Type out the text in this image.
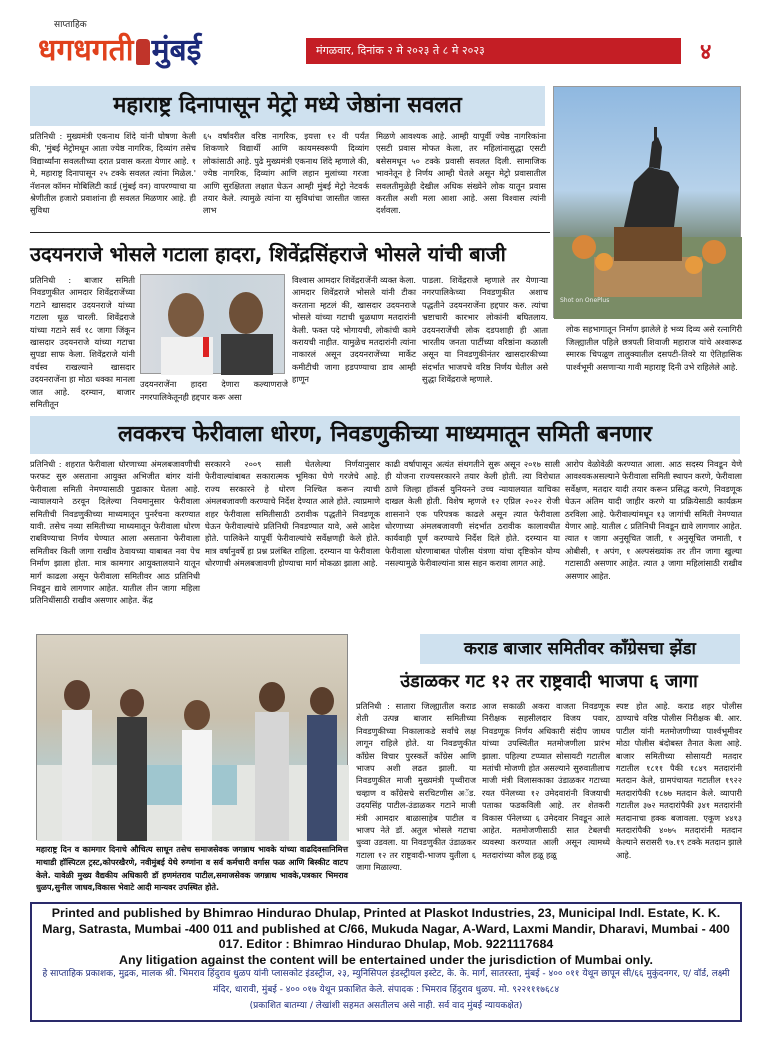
साप्ताहिक
धगधगती मुंबई	मंगळवार, दिनांक २ मे २०२३ ते ८ मे २०२३	४
महाराष्ट्र दिनापासून मेट्रो मध्ये जेष्ठांना सवलत
प्रतिनिधी : मुख्यमंत्री एकनाथ शिंदे यांनी घोषणा केली की, 'मुंबई मेट्रोमधून आता ज्येष्ठ नागरिक, दिव्यांग तसेच विद्यार्थ्यांना सवलतीच्या दरात प्रवास करता येणार आहे. १ मे, महाराष्ट्र दिनापासून २५ टक्के सवलत त्यांना मिळेल.' नॅशनल कॉमन मोबिलिटी कार्ड (मुंबई वन) वापरण्याचा या श्रेणीतील हजारो प्रवाशांना ही सवलत मिळणार आहे. ही सुविधा
६५ वर्षांवरील वरिष्ठ नागरिक, इयत्ता १२ वी पर्यंत शिकणारे विद्यार्थी आणि कायमस्वरूपी दिव्यांग लोकांसाठी आहे. पुढे मुख्यमंत्री एकनाथ शिंदे म्हणाले की, ज्येष्ठ नागरिक, दिव्यांग आणि लहान मुलांच्या गरजा आणि सुरक्षितता लक्षात घेऊन आम्ही मुंबई मेट्रो नेटवर्क तयार केले. त्यामुळे त्यांना या सुविधांचा जास्तीत जास्त लाभ
मिळणे आवश्यक आहे. आम्ही यापूर्वी ज्येष्ठ नागरिकांना एसटी प्रवास मोफत केला, तर महिलांनासुद्धा एसटी बसेसमधून ५० टक्के प्रवासी सवलत दिली. सामाजिक भावनेतून हे निर्णय आम्ही घेतले असून मेट्रो प्रवासातील सवलतीमुळेही देखील अधिक संख्येने लोक यातून प्रवास करतील अशी मला आशा आहे. असा विश्वास त्यांनी दर्शवला.
Shot on OnePlus
लोक सहभागातून निर्माण झालेले हे भव्य दिव्य असे रत्नागिरी जिल्ह्यातील पहिले छत्रपती शिवाजी महाराज यांचे अश्वारूढ स्मारक चिपळूण तालुक्यातील दसपटी-तिवरे या ऐतिहासिक पार्श्वभूमी असणाऱ्या गावी महाराष्ट्र दिनी उभे राहिलेले आहे.
उदयनराजे भोसले गटाला हादरा, शिवेंद्रसिंहराजे भोसले यांची बाजी
प्रतिनिधी : बाजार समिती निवडणुकीत आमदार शिवेंद्रराजेंच्या गटाने खासदार उदयनराजे यांच्या गटाला धूळ चारली. शिवेंद्रराजे यांच्या गटाने सर्व १८ जागा जिंकून खासदार उदयनराजे यांच्या गटाचा सुपडा साफ केला. शिवेंद्रराजे यांनी वर्चस्व राखल्याने खासदार उदयनराजेंना हा मोठा धक्का मानला जात आहे. दरम्यान, बाजार समितीतून
उदयनराजेंना हादरा देणारा कल्याणराजे नगरपालिकेतूनही हद्दपार करू असा
विश्वास आमदार शिवेंद्रराजेंनी व्यक्त केला. आमदार शिवेंद्रराजे भोसले यांनी टीका करताना म्हटलं की, खासदार उदयनराजे भोसले यांच्या गटाची धुळधाण मतदारांनी केली. फक्त पदे भोगायची, लोकांची कामे करायची नाहीत. यामुळेच मतदारांनी त्यांना नाकारलं असून उदयनराजेंच्या मार्केट कमीटीची जागा हडपण्याचा डाव आम्ही हाणून
पाडला. शिवेंद्रराजे म्हणाले तर येणाऱ्या नगरपालिकेच्या निवडणुकीत अशाच पद्धतीने उदयनराजेंना हद्दपार करु. त्यांचा भ्रष्टाचारी कारभार लोकांनी बघितलाय. उदयनराजेंची लोक दडपशाही ही आता भारतीय जनता पार्टीच्या वरिष्ठांना कळाली असून या निवडणुकीनंतर खासदारकीच्या संदर्भात भाजपचे वरिष्ठ निर्णय घेतील असे सुद्धा शिवेंद्रराजे म्हणाले.
लवकरच फेरीवाला धोरण, निवडणुकीच्या माध्यमातून समिती बनणार
प्रतिनिधी : शहरात फेरीवाला धोरणाच्या अंमलबजावणीची फरफट सुरु असताना आयुक्त अभिजीत बांगर यांनी फेरीवाला समिती नेमण्यासाठी पुढाकार घेतला आहे. न्यायालयाने ठरवून दिलेल्या नियमानुसार फेरीवाला समितीची निवडणुकीच्या माध्यमातून पुनर्रचना करण्यात यावी. तसेच नव्या समितीच्या माध्यमातून फेरीवाला धोरण राबविण्याचा निर्णय घेण्यात आला असताना फेरीवाला समितीवर किती जागा राखीव ठेवायच्या याबाबत नवा पेच निर्माण झाला होता. मात्र कामगार आयुक्तालयाने यातून मार्ग काढला असून फेरीवाला समितीवर आठ प्रतिनिधी निवडून द्यावे लागणार आहेत. यातील तीन जागा महिला प्रतिनिधींसाठी राखीव असणार आहेत. केंद्र
सरकारने २००९ साली घेतलेल्या निर्णयानुसार फेरीवाल्यांबाबत सकारात्मक भूमिका घेणे गरजेचे आहे. राज्य सरकारने हे धोरण निश्चित करून त्याची अंमलबजावणी करण्याचे निर्देश देण्यात आले होते. त्याप्रमाणे शहर फेरीवाला समितीसाठी ठरावीक पद्धतीने निवडणूक घेऊन फेरीवाल्यांचे प्रतिनिधी निवडण्यात यावे, असे आदेश होते. पालिकेने यापूर्वी फेरीवाल्यांचे सर्वेक्षणही केले होते. मात्र वर्षानुवर्षे हा प्रश्न प्रलंबित राहिला. दरम्यान या फेरीवाला धोरणाची अंमलबजावणी होण्याचा मार्ग मोकळा झाला आहे.
काढी वर्षापासून अत्यंत संथगतीने सुरू असून २०१७ साली ही योजना राज्यसरकारने तयार केली होती. त्या विरोधात ठाणे जिल्हा हॉकर्स युनियनने उच्च न्यायालयात याचिका दाखल केली होती. विशेष म्हणजे १२ एप्रिल २०२२ रोजी शासनाने एक परिपत्रक काढले असून त्यात फेरीवाला धोरणाच्या अंमलबजावणी संदर्भात ठरावीक कालावधीत कार्यवाही पूर्ण करण्याचे निर्देश दिले होते. दरम्यान या फेरीवाला धोरणाबाबत पोलीस यंत्रणा यांचा दृष्टिकोन योग्य नसल्यामुळे फेरीवाल्यांना त्रास सहन करावा लागत आहे.
आरोप वेळोवेळी करण्यात आला. आठ सदस्य निवडून येणे आवश्यकअसल्याने फेरीवाला समिती स्थापन करणे, फेरीवाला सर्वेक्षण, मतदार यादी तयार करून प्रसिद्ध करणे, निवडणूक घेऊन अंतिम यादी जाहीर करणे या प्रक्रियेसाठी कार्यक्रम ठरविला आहे. फेरीवाल्यांमधून १३ जागांची समिती नेमण्यात येणार आहे. यातील ८ प्रतिनिधी निवडून द्यावे लागणार आहेत. त्यात १ जागा अनुसूचित जाती, १ अनुसूचित जमाती, १ ओबीसी, १ अपंग, १ अल्पसंख्यांक तर तीन जागा खुल्या गटासाठी असणार आहेत. त्यात ३ जागा महिलांसाठी राखीव असणार आहेत.
महाराष्ट्र दिन व कामगार दिनाचे औचित्य साधून तसेच समाजसेवक जगन्नाथ भावके यांच्या वाढदिवसानिमित्त माथाडी हॉस्पिटल ट्रस्ट,कोपरखैरणे, नवीमुंबई येथे रुग्णांना व सर्व कर्मचारी वर्गास फळ आणि बिस्कीट वाटप केले. यावेळी मुख्य वैद्यकीय अधिकारी डॉ हणमंतराव पाटील,समाजसेवक जगन्नाथ भावके,पत्रकार भिमराव धुळप,सुनील जाधव,विकास भेवाटे आदी मान्यवर उपस्थित होते.
कराड बाजार समितीवर काँग्रेसचा झेंडा
उंडाळकर गट १२ तर राष्ट्रवादी भाजपा ६ जागा
प्रतिनिधी : सातारा जिल्ह्यातील कराड शेती उत्पन्न बाजार समितीच्या निवडणुकीच्या निकालाकडे सर्वांचे लक्ष लागून राहिले होते. या निवडणुकीत काँग्रेस विचार पुरस्कर्ते काँग्रेस आणि भाजप अशी लढत झाली. या निवडणुकीत माजी मुख्यमंत्री पृथ्वीराज चव्हाण व काँग्रेसचे सरचिटणीस अॅड. उदयसिंह पाटील-उंडाळकर गटाने माजी मंत्री आमदार बाळासाहेब पाटील व भाजप नेते डॉ. अतुल भोसले गटाचा धुव्वा उडवला. या निवडणुकीत उंडाळकर गटाला १२ तर राष्ट्रवादी-भाजप युतीला ६ जागा मिळाल्या.
आज सकाळी अकरा वाजता निवडणूक निरीक्षक सहसीलदार विजय पवार, निवडणूक निर्णय अधिकारी संदीप जाधव यांच्या उपस्थितीत मतमोजणीला प्रारंभ झाला. पहिल्या टप्प्यात सोसायटी गटातील मतांची मोजणी होत असल्याने सुरुवातीलाच माजी मंत्री विलासकाका उंडाळकर गटाच्या रयत पॅनेलच्या १२ उमेदवारांनी विजयाची पताका फडकविली आहे. तर शेतकरी विकास पॅनेलच्या ६ उमेदवार निवडून आले आहेत. मतमोजणीसाठी सात टेबलची व्यवस्था करण्यात आली असून त्यामध्ये मतदारांच्या कौल हळू हळू
स्पष्ट होत आहे. कराड शहर पोलीस ठाण्याचे वरिष्ठ पोलीस निरीक्षक बी. आर. पाटील यांनी मतमोजणीच्या पार्श्वभूमीवर मोठा पोलीस बंदोबस्त तैनात केला आहे. बाजार समितीच्या सोसायटी मतदार गटातील १८११ पैकी १८४९ मतदारांनी मतदान केले, ग्रामपंचायत गटातील १९२२ मतदारांपैकी १८७७ मतदान केले. व्यापारी गटातील ३७२ मतदारांपैकी ३४१ मतदारांनी मतदानाचा हक्क बजावला. एकूण ४४१३ मतदारांपैकी ४०७५ मतदारांनी मतदान केल्याने सरासरी ९७.१९ टक्के मतदान झाले आहे.
Printed and published by Bhimrao Hindurao Dhulap, Printed at Plaskot Industries, 23, Municipal Indl. Estate, K. K. Marg, Satrasta, Mumbai -400 011 and published at C/66, Mukuda Nagar, A-Ward, Laxmi Mandir, Dharavi, Mumbai - 400 017. Editor : Bhimrao Hindurao Dhulap, Mob. 9221117684
Any litigation against the content will be entertained under the jurisdiction of Mumbai only.
हे साप्ताहिक प्रकाशक, मुद्रक, मालक श्री. भिमराव हिंदुराव धुळप यांनी प्लासकोट इंडस्ट्रीज, २३, म्युनिसिपल इंडस्ट्रीयल इस्टेट, के. के. मार्ग, सातरस्ता, मुंबई - ४०० ०११ येथून छापून सी/६६ मुकुंदनगर, ए/ वॉर्ड, लक्ष्मी मंदिर, धारावी, मुंबई - ४०० ०१७ येथून प्रकाशित केले. संपादक : भिमराव हिंदुराव धुळप. मो. ९२२१११७६८४
(प्रकाशित बातम्या / लेखांशी सहमत असतीलच असे नाही. सर्व वाद मुंबई न्यायकक्षेत)
